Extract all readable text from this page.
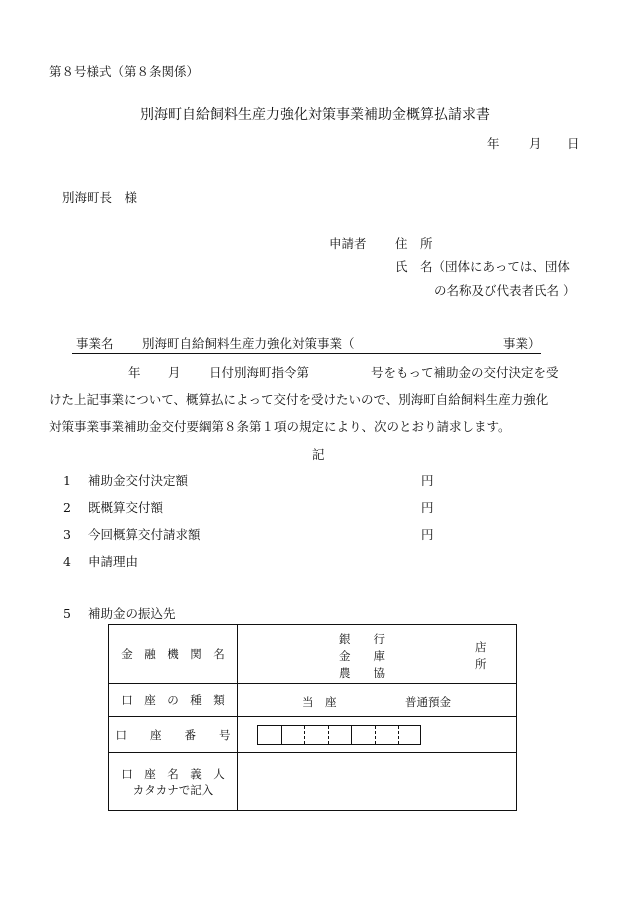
第８号様式（第８条関係）
別海町自給飼料生産力強化対策事業補助金概算払請求書
年 月 日
別海町長　様
申請者 住　所
氏　名（団体にあっては、団体
の名称及び代表者氏名 ）
事業名 別海町自給飼料生産力強化対策事業（	事業）
年 月 日付別海町指令第	号をもって補助金の交付決定を受
けた上記事業について、概算払によって交付を受けたいので、別海町自給飼料生産力強化
対策事業事業補助金交付要綱第８条第１項の規定により、次のとおり請求します。
記
1 補助金交付決定額	円
2 既概算交付額	円
3 今回概算交付請求額	円
4 申請理由
5 補助金の振込先
金　融　機　関　名	銀　　行
金　　庫
農　　協
店
所

口　座　の　種　類	当　座 普通預金

口　　座　　番　　号	

口　座　名　義　人
カタカナで記入	
